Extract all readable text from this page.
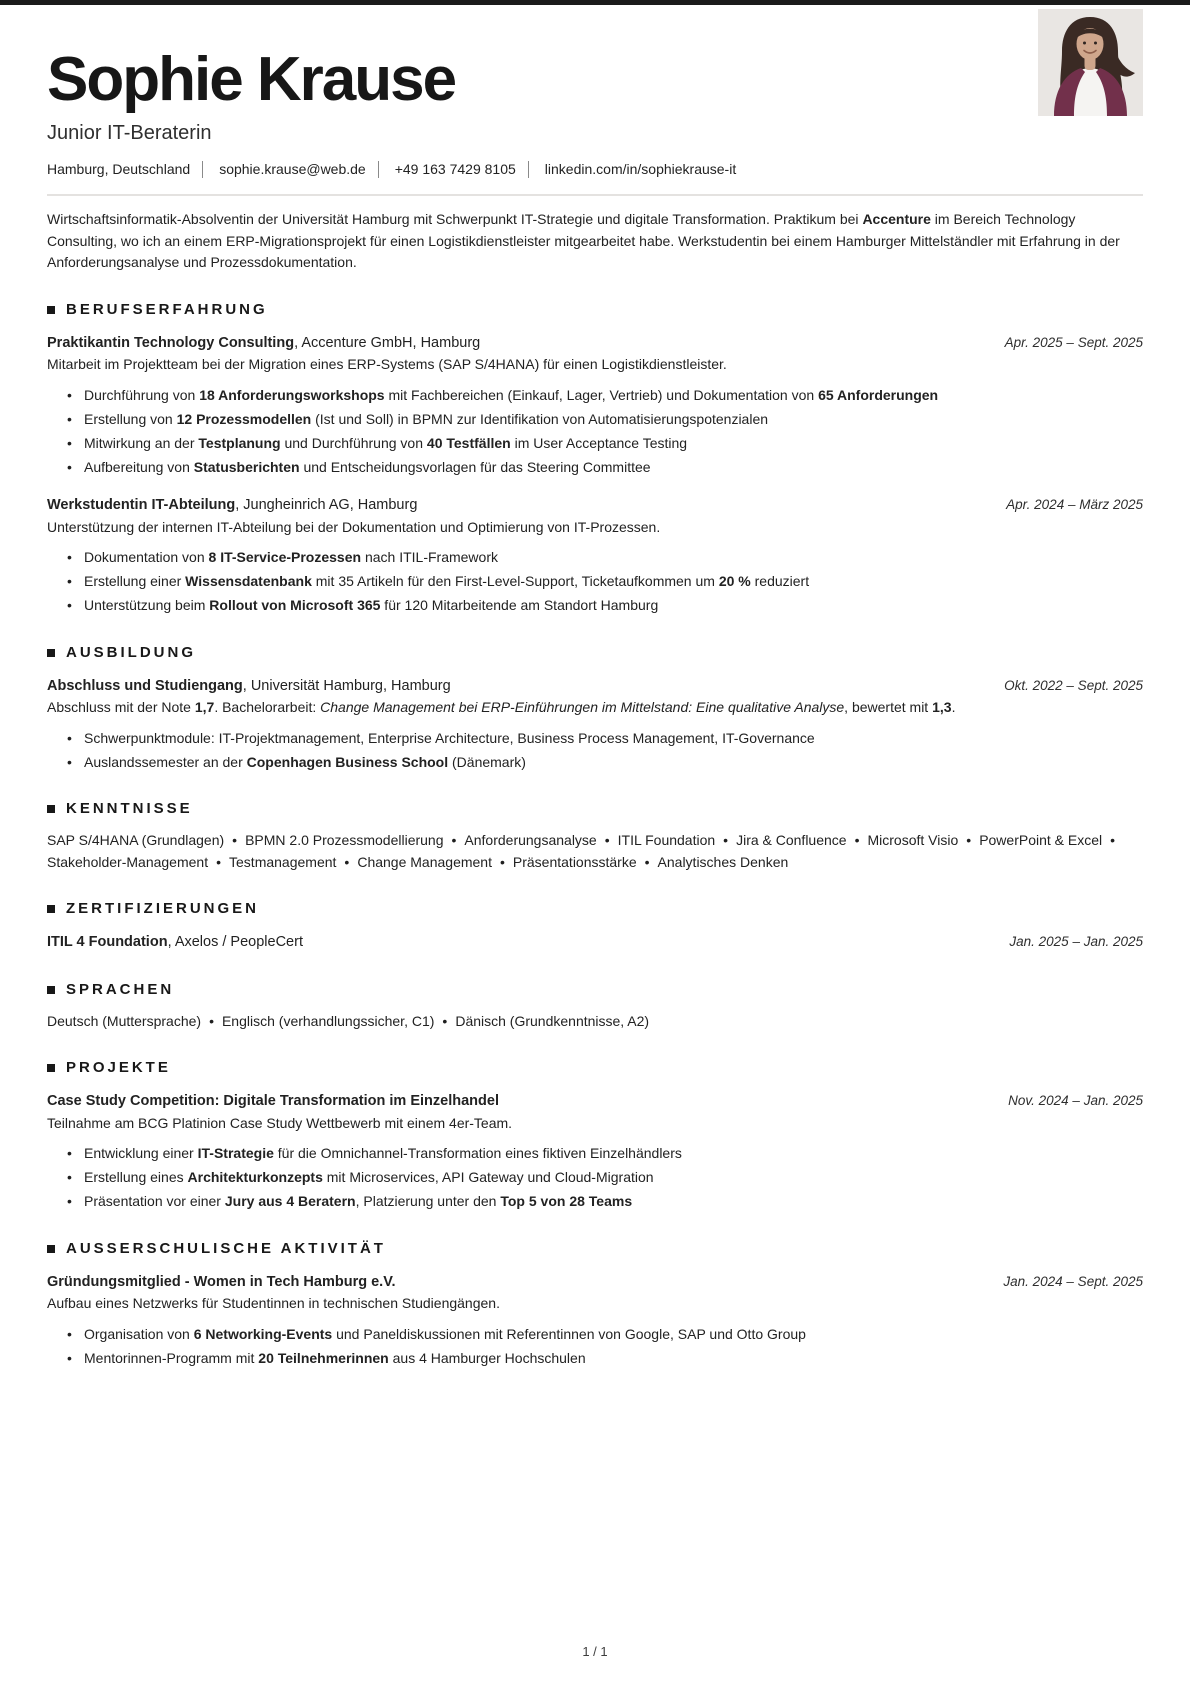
Sophie Krause
Junior IT-Beraterin
Hamburg, Deutschland sophie.krause@web.de +49 163 7429 8105 linkedin.com/in/sophiekrause-it

Wirtschaftsinformatik-Absolventin der Universität Hamburg mit Schwerpunkt IT-Strategie und digitale Transformation. Praktikum bei Accenture im Bereich Technology Consulting, wo ich an einem ERP-Migrationsprojekt für einen Logistikdienstleister mitgearbeitet habe. Werkstudentin bei einem Hamburger Mittelständler mit Erfahrung in der Anforderungsanalyse und Prozessdokumentation.

BERUFSERFAHRUNG
Praktikantin Technology Consulting, Accenture GmbH, Hamburg	Apr. 2025 – Sept. 2025
Mitarbeit im Projektteam bei der Migration eines ERP-Systems (SAP S/4HANA) für einen Logistikdienstleister.
• Durchführung von 18 Anforderungsworkshops mit Fachbereichen (Einkauf, Lager, Vertrieb) und Dokumentation von 65 Anforderungen
• Erstellung von 12 Prozessmodellen (Ist und Soll) in BPMN zur Identifikation von Automatisierungspotenzialen
• Mitwirkung an der Testplanung und Durchführung von 40 Testfällen im User Acceptance Testing
• Aufbereitung von Statusberichten und Entscheidungsvorlagen für das Steering Committee
Werkstudentin IT-Abteilung, Jungheinrich AG, Hamburg	Apr. 2024 – März 2025
Unterstützung der internen IT-Abteilung bei der Dokumentation und Optimierung von IT-Prozessen.
• Dokumentation von 8 IT-Service-Prozessen nach ITIL-Framework
• Erstellung einer Wissensdatenbank mit 35 Artikeln für den First-Level-Support, Ticketaufkommen um 20 % reduziert
• Unterstützung beim Rollout von Microsoft 365 für 120 Mitarbeitende am Standort Hamburg
AUSBILDUNG
Abschluss und Studiengang, Universität Hamburg, Hamburg	Okt. 2022 – Sept. 2025
Abschluss mit der Note 1,7. Bachelorarbeit: Change Management bei ERP-Einführungen im Mittelstand: Eine qualitative Analyse, bewertet mit 1,3.
• Schwerpunktmodule: IT-Projektmanagement, Enterprise Architecture, Business Process Management, IT-Governance
• Auslandssemester an der Copenhagen Business School (Dänemark)
KENNTNISSE

SAP S/4HANA (Grundlagen) • BPMN 2.0 Prozessmodellierung • Anforderungsanalyse • ITIL Foundation • Jira & Confluence • Microsoft Visio • PowerPoint & Excel •Stakeholder-Management • Testmanagement • Change Management • Präsentationsstärke • Analytisches Denken

ZERTIFIZIERUNGEN
ITIL 4 Foundation, Axelos / PeopleCert	Jan. 2025 – Jan. 2025
SPRACHEN

Deutsch (Muttersprache) • Englisch (verhandlungssicher, C1) • Dänisch (Grundkenntnisse, A2)

PROJEKTE
Case Study Competition: Digitale Transformation im Einzelhandel	Nov. 2024 – Jan. 2025
Teilnahme am BCG Platinion Case Study Wettbewerb mit einem 4er-Team.
• Entwicklung einer IT-Strategie für die Omnichannel-Transformation eines fiktiven Einzelhändlers
• Erstellung eines Architekturkonzepts mit Microservices, API Gateway und Cloud-Migration
• Präsentation vor einer Jury aus 4 Beratern, Platzierung unter den Top 5 von 28 Teams
AUSSERSCHULISCHE AKTIVITÄT
Gründungsmitglied - Women in Tech Hamburg e.V.	Jan. 2024 – Sept. 2025
Aufbau eines Netzwerks für Studentinnen in technischen Studiengängen.
• Organisation von 6 Networking-Events und Paneldiskussionen mit Referentinnen von Google, SAP und Otto Group
• Mentorinnen-Programm mit 20 Teilnehmerinnen aus 4 Hamburger Hochschulen
1 / 1
